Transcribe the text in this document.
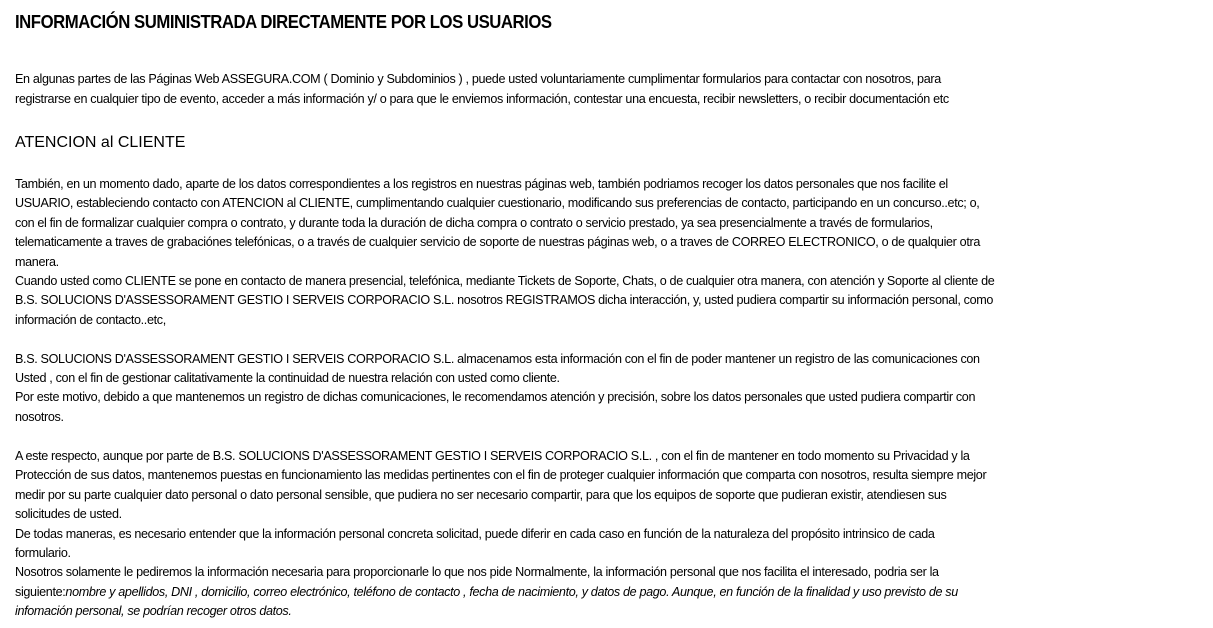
INFORMACIÓN SUMINISTRADA DIRECTAMENTE POR LOS USUARIOS
En algunas partes de las Páginas Web ASSEGURA.COM ( Dominio y Subdominios ) , puede usted voluntariamente cumplimentar formularios para contactar con nosotros, para
registrarse en cualquier tipo de evento, acceder a más información y/ o para que le enviemos información, contestar una encuesta, recibir newsletters, o recibir documentación etc
ATENCION al CLIENTE
También, en un momento dado, aparte de los datos correspondientes a los registros en nuestras páginas web, también podriamos recoger los datos personales que nos facilite el
USUARIO, estableciendo contacto con ATENCION al CLIENTE, cumplimentando cualquier cuestionario, modificando sus preferencias de contacto, participando en un concurso..etc; o,
con el fin de formalizar cualquier compra o contrato, y durante toda la duración de dicha compra o contrato o servicio prestado, ya sea presencialmente a través de formularios,
telematicamente a traves de grabaciónes telefónicas, o a través de cualquier servicio de soporte de nuestras páginas web, o a traves de CORREO ELECTRONICO, o de qualquier otra
manera.
Cuando usted como CLIENTE se pone en contacto de manera presencial, telefónica, mediante Tickets de Soporte, Chats, o de cualquier otra manera, con atención y Soporte al cliente de
B.S. SOLUCIONS D'ASSESSORAMENT GESTIO I SERVEIS CORPORACIO S.L. nosotros REGISTRAMOS dicha interacción, y, usted pudiera compartir su información personal, como
información de contacto..etc,
B.S. SOLUCIONS D'ASSESSORAMENT GESTIO I SERVEIS CORPORACIO S.L. almacenamos esta información con el fin de poder mantener un registro de las comunicaciones con
Usted , con el fin de gestionar calitativamente la continuidad de nuestra relación con usted como cliente.
Por este motivo, debido a que mantenemos un registro de dichas comunicaciones, le recomendamos atención y precisión, sobre los datos personales que usted pudiera compartir con
nosotros.
A este respecto, aunque por parte de B.S. SOLUCIONS D'ASSESSORAMENT GESTIO I SERVEIS CORPORACIO S.L. , con el fin de mantener en todo momento su Privacidad y la
Protección de sus datos, mantenemos puestas en funcionamiento las medidas pertinentes con el fin de proteger cualquier información que comparta con nosotros, resulta siempre mejor
medir por su parte cualquier dato personal o dato personal sensible, que pudiera no ser necesario compartir, para que los equipos de soporte que pudieran existir, atendiesen sus
solicitudes de usted.
De todas maneras, es necesario entender que la información personal concreta solicitad, puede diferir en cada caso en función de la naturaleza del propósito intrinsico de cada
formulario.
Nosotros solamente le pediremos la información necesaria para proporcionarle lo que nos pide Normalmente, la información personal que nos facilita el interesado, podria ser la
siguiente:nombre y apellidos, DNI , domicilio, correo electrónico, teléfono de contacto , fecha de nacimiento, y datos de pago. Aunque, en función de la finalidad y uso previsto de su
infomación personal, se podrían recoger otros datos.
